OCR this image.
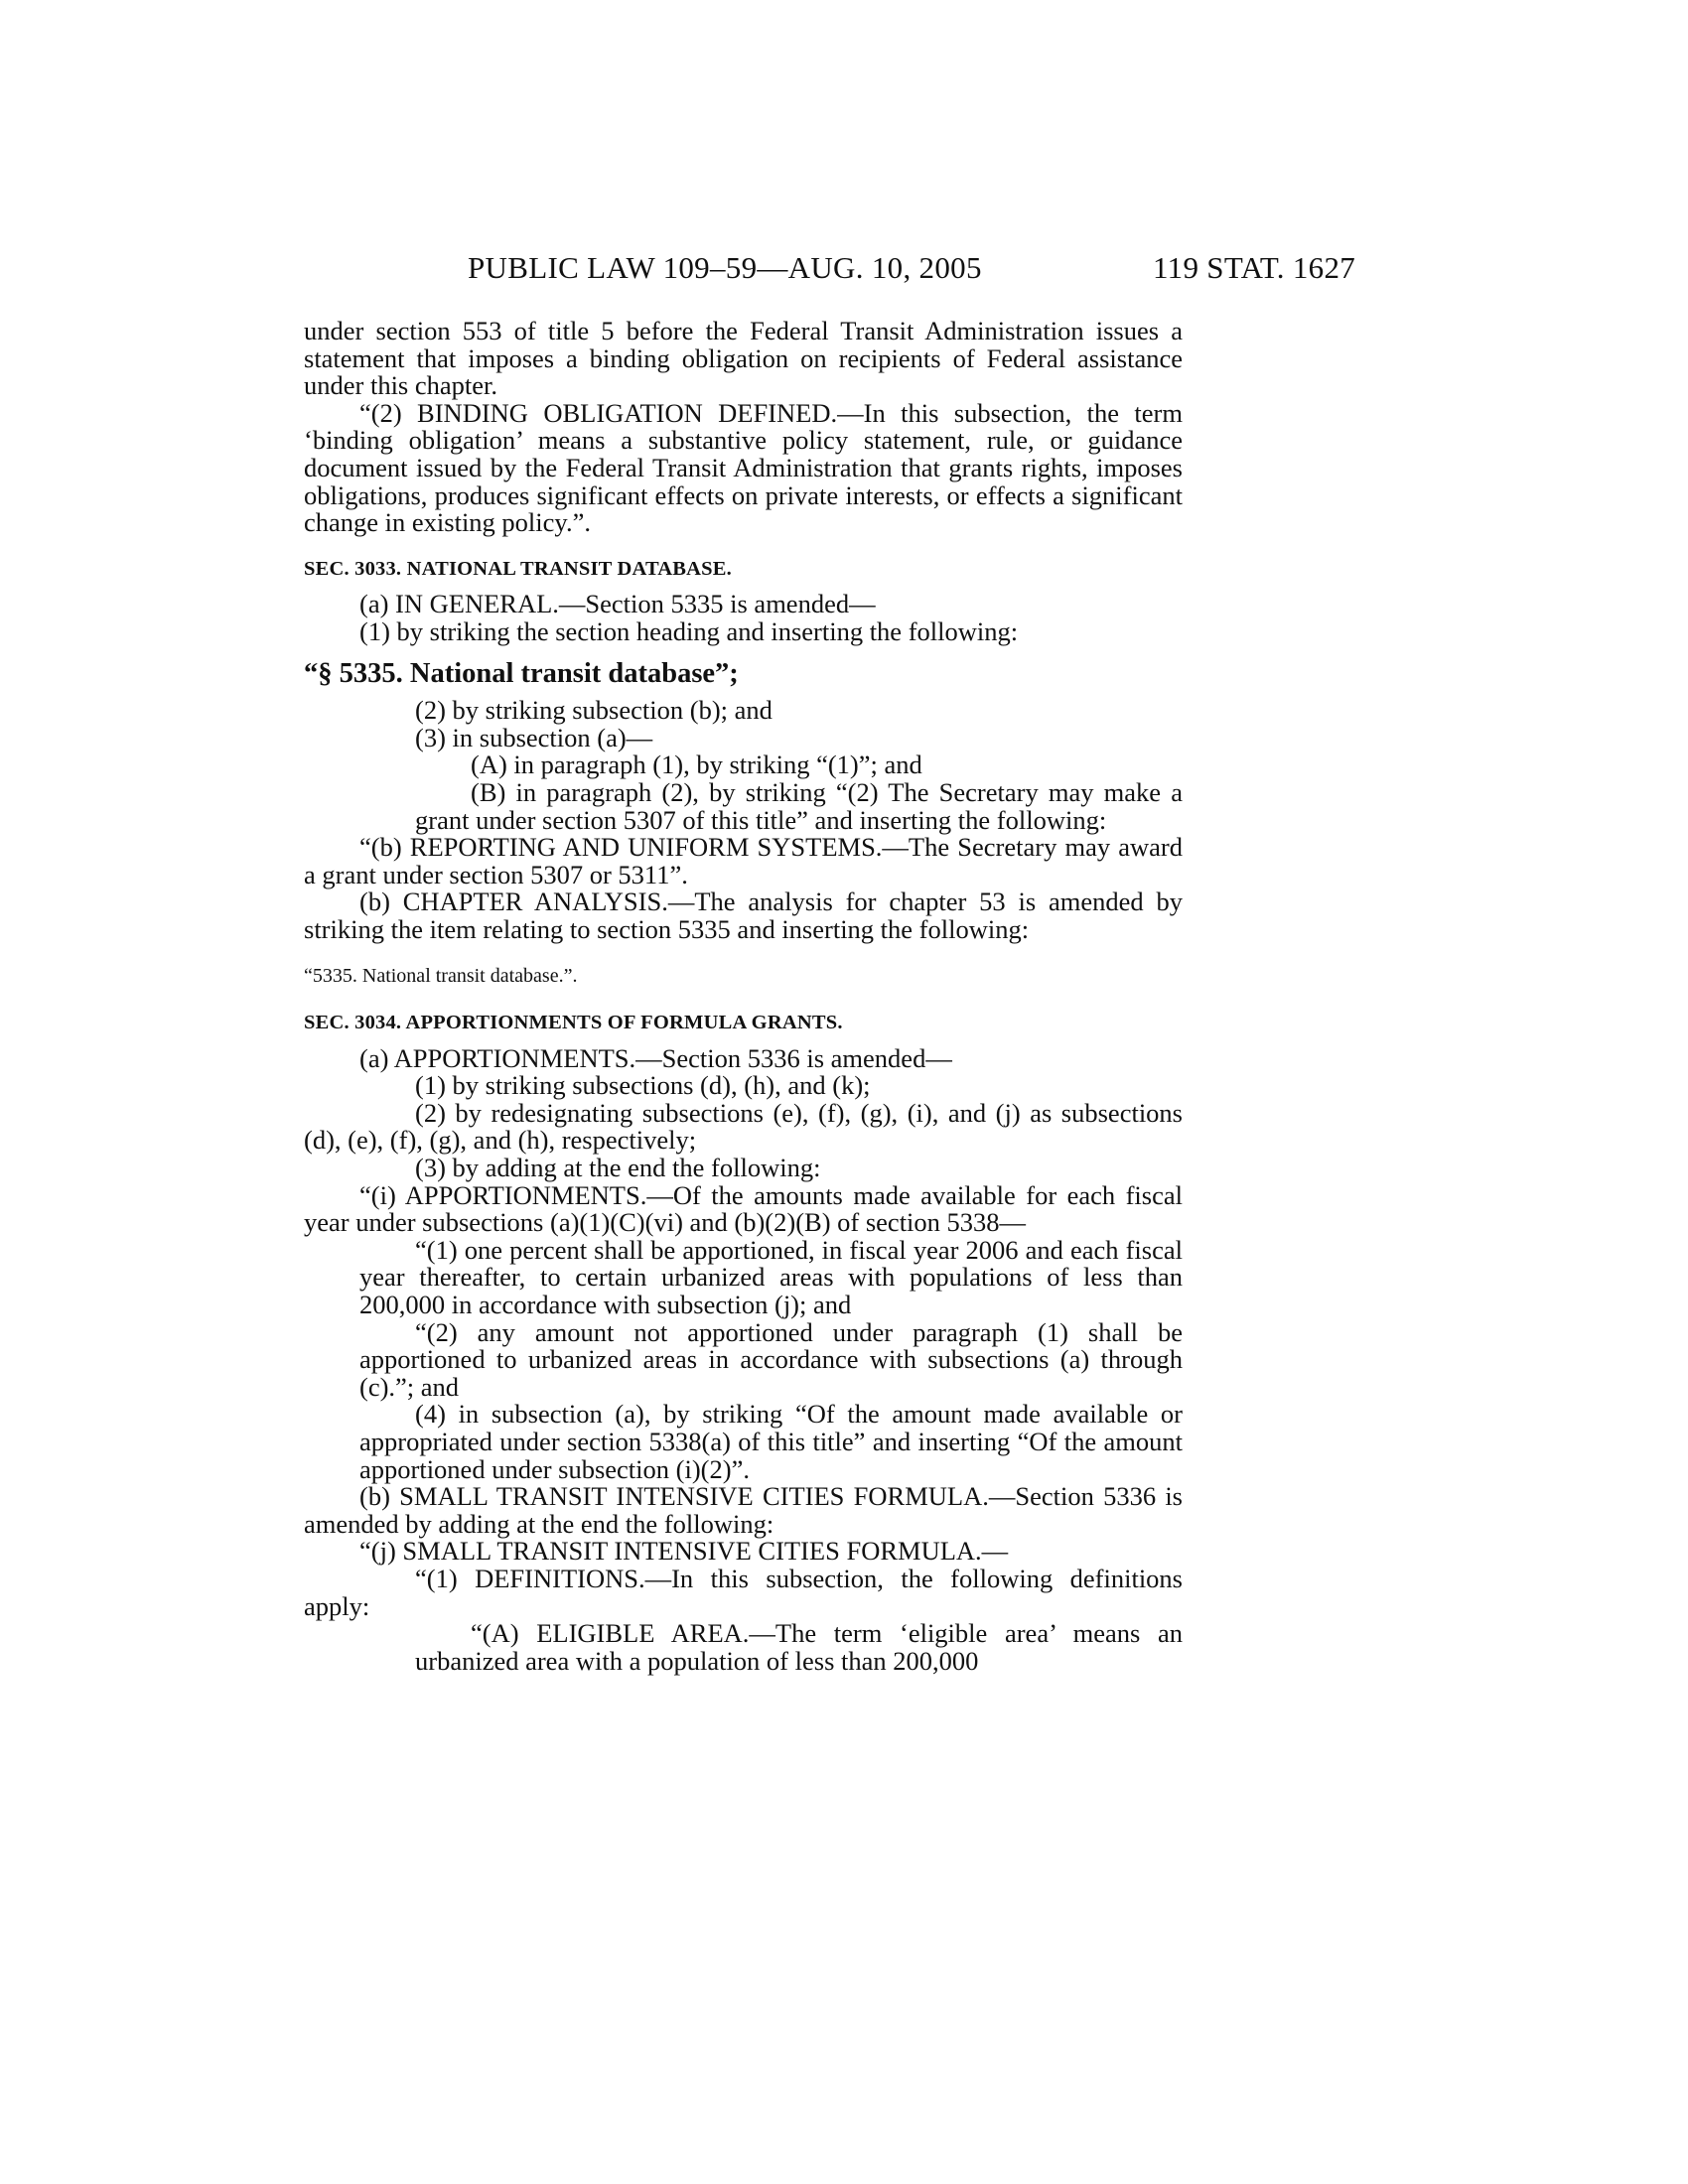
PUBLIC LAW 109–59—AUG. 10, 2005	119 STAT. 1627

under section 553 of title 5 before the Federal Transit Administration issues a statement that imposes a binding obligation on recipients of Federal assistance under this chapter.

“(2) BINDING OBLIGATION DEFINED.—In this subsection, the term ‘binding obligation’ means a substantive policy statement, rule, or guidance document issued by the Federal Transit Administration that grants rights, imposes obligations, produces significant effects on private interests, or effects a significant change in existing policy.”.

SEC. 3033. NATIONAL TRANSIT DATABASE.

(a) IN GENERAL.—Section 5335 is amended—

(1) by striking the section heading and inserting the following:

“§ 5335. National transit database”;

(2) by striking subsection (b); and

(3) in subsection (a)—

(A) in paragraph (1), by striking “(1)”; and

(B) in paragraph (2), by striking “(2) The Secretary may make a grant under section 5307 of this title” and inserting the following:

“(b) REPORTING AND UNIFORM SYSTEMS.—The Secretary may award a grant under section 5307 or 5311”.

(b) CHAPTER ANALYSIS.—The analysis for chapter 53 is amended by striking the item relating to section 5335 and inserting the following:

“5335. National transit database.”.

SEC. 3034. APPORTIONMENTS OF FORMULA GRANTS.

(a) APPORTIONMENTS.—Section 5336 is amended—

(1) by striking subsections (d), (h), and (k);

(2) by redesignating subsections (e), (f), (g), (i), and (j) as subsections (d), (e), (f), (g), and (h), respectively;

(3) by adding at the end the following:

“(i) APPORTIONMENTS.—Of the amounts made available for each fiscal year under subsections (a)(1)(C)(vi) and (b)(2)(B) of section 5338—

“(1) one percent shall be apportioned, in fiscal year 2006 and each fiscal year thereafter, to certain urbanized areas with populations of less than 200,000 in accordance with subsection (j); and

“(2) any amount not apportioned under paragraph (1) shall be apportioned to urbanized areas in accordance with subsections (a) through (c).”; and

(4) in subsection (a), by striking “Of the amount made available or appropriated under section 5338(a) of this title” and inserting “Of the amount apportioned under subsection (i)(2)”.

(b) SMALL TRANSIT INTENSIVE CITIES FORMULA.—Section 5336 is amended by adding at the end the following:

“(j) SMALL TRANSIT INTENSIVE CITIES FORMULA.—

“(1) DEFINITIONS.—In this subsection, the following definitions apply:

“(A) ELIGIBLE AREA.—The term ‘eligible area’ means an urbanized area with a population of less than 200,000
